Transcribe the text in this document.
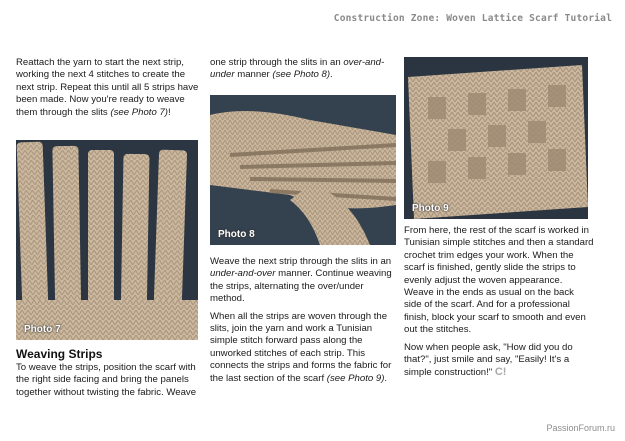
Construction Zone: Woven Lattice Scarf Tutorial

Reattach the yarn to start the next strip, working the next 4 stitches to create the next strip. Repeat this until all 5 strips have been made. Now you're ready to weave them through the slits (see Photo 7)!

Photo 7
Weaving Strips

To weave the strips, position the scarf with the right side facing and bring the panels together without twisting the fabric. Weave

one strip through the slits in an over-and-under manner (see Photo 8).

Photo 8

Weave the next strip through the slits in an under-and-over manner. Continue weaving the strips, alternating the over/under method.

When all the strips are woven through the slits, join the yarn and work a Tunisian simple stitch forward pass along the unworked stitches of each strip. This connects the strips and forms the fabric for the last section of the scarf (see Photo 9).

Photo 9

From here, the rest of the scarf is worked in Tunisian simple stitches and then a standard crochet trim edges your work. When the scarf is finished, gently slide the strips to evenly adjust the woven appearance. Weave in the ends as usual on the back side of the scarf. And for a professional finish, block your scarf to smooth and even out the stitches.

Now when people ask, "How did you do that?", just smile and say, "Easily! It's a simple construction!" C!

PassionForum.ru
